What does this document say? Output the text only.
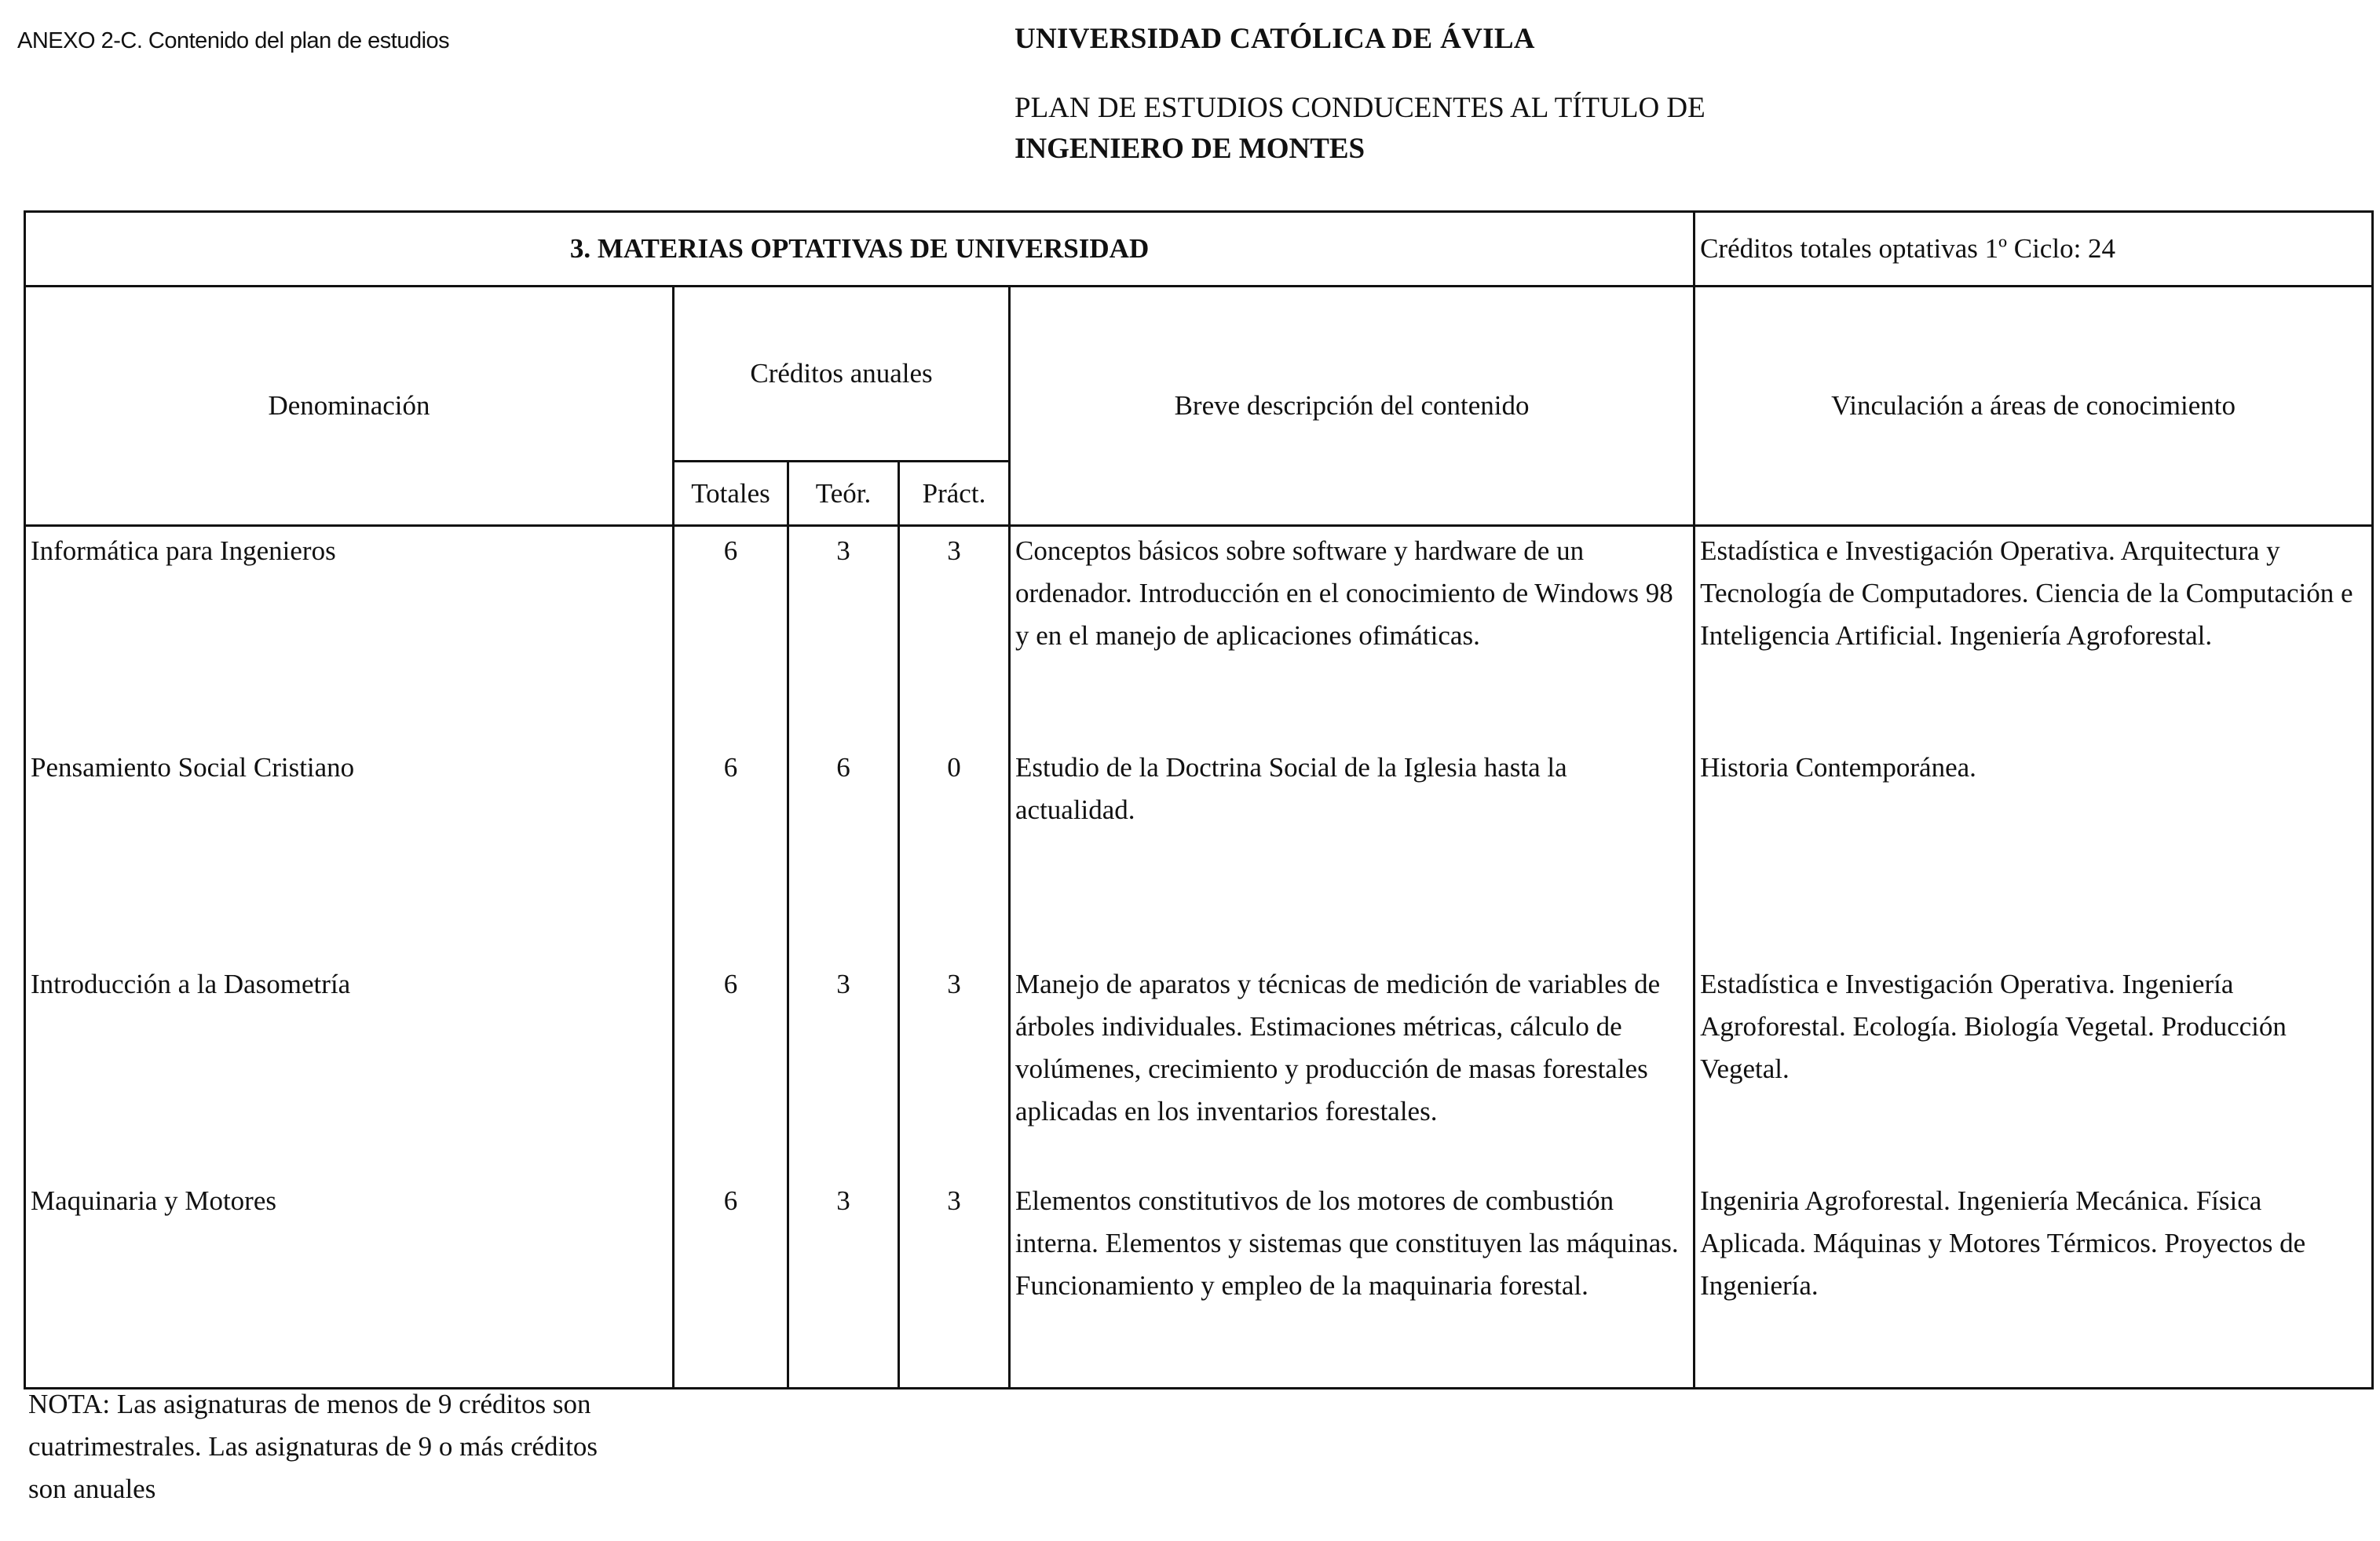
ANEXO 2-C. Contenido del plan de estudios	UNIVERSIDAD CATÓLICA DE ÁVILA
PLAN DE ESTUDIOS CONDUCENTES AL TÍTULO DE
INGENIERO DE MONTES
3. MATERIAS OPTATIVAS DE UNIVERSIDAD					Créditos totales optativas 1º Ciclo: 24
Denominación	Créditos anuales			Breve descripción del contenido	Vinculación a áreas de conocimiento
	Totales	Teór.	Práct.		
Informática para Ingenieros	6	3	3	Conceptos básicos sobre software y hardware de un ordenador. Introducción en el conocimiento de Windows 98 y en el manejo de aplicaciones ofimáticas.	Estadística e Investigación Operativa. Arquitectura y Tecnología de Computadores. Ciencia de la Computación e Inteligencia Artificial. Ingeniería Agroforestal.
Pensamiento Social Cristiano	6	6	0	Estudio de la Doctrina Social de la Iglesia hasta la actualidad.	Historia Contemporánea.
Introducción a la Dasometría	6	3	3	Manejo de aparatos y técnicas de medición de variables de árboles individuales. Estimaciones métricas, cálculo de volúmenes, crecimiento y producción de masas forestales aplicadas en los inventarios forestales.	Estadística e Investigación Operativa. Ingeniería Agroforestal. Ecología. Biología Vegetal. Producción Vegetal.
Maquinaria y Motores	6	3	3	Elementos constitutivos de los motores de combustión interna. Elementos y sistemas que constituyen las máquinas. Funcionamiento y empleo de la maquinaria forestal.	Ingeniria Agroforestal. Ingeniería Mecánica. Física Aplicada. Máquinas y Motores Térmicos. Proyectos de Ingeniería.
NOTA: Las asignaturas de menos de 9 créditos son cuatrimestrales. Las asignaturas de 9 o más créditos son anuales
